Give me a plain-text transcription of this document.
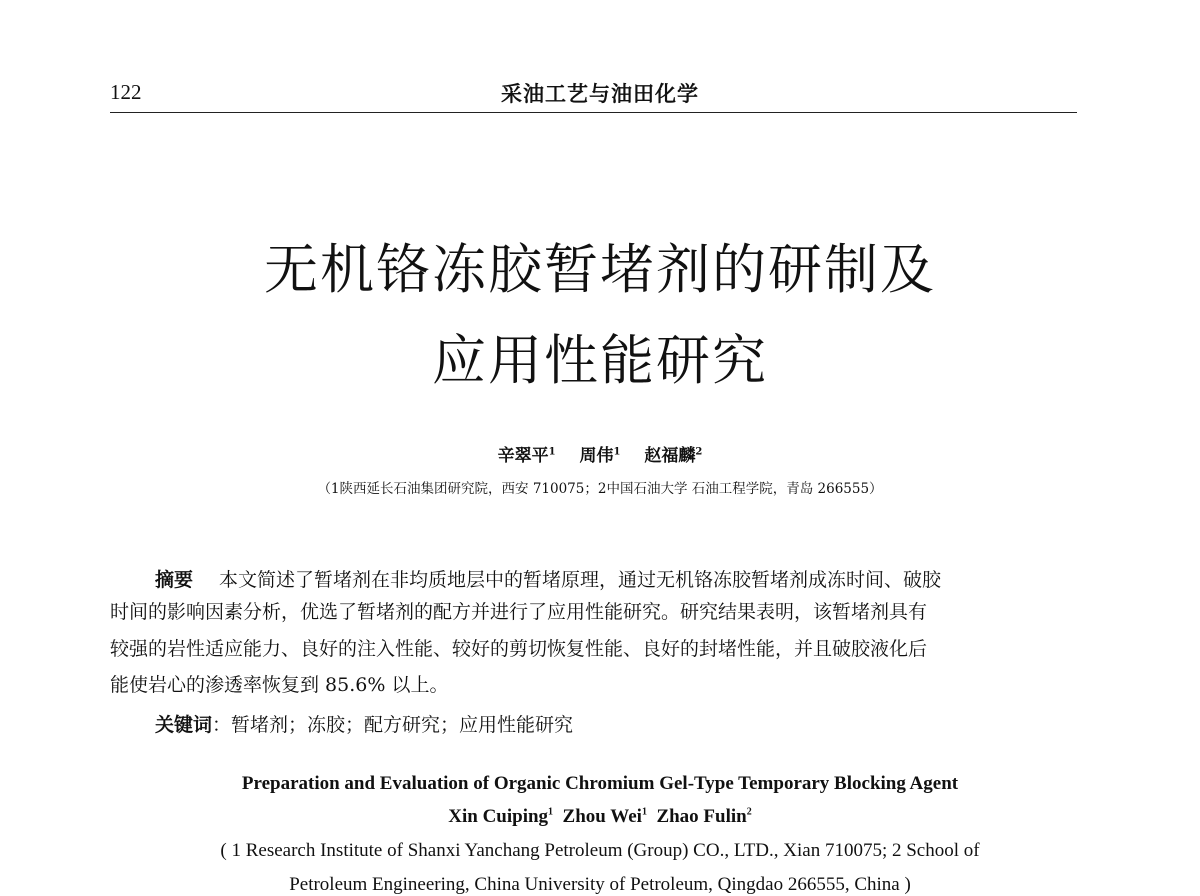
122	采油工艺与油田化学
无机铬冻胶暂堵剂的研制及
应用性能研究
辛翠平$^1$ 周伟$^1$ 赵福麟$^2$
（1陕西延长石油集团研究院，西安 710075；2中国石油大学 石油工程学院，青岛 266555）
摘要 本文简述了暂堵剂在非均质地层中的暂堵原理，通过无机铬冻胶暂堵剂成冻时间、破胶
时间的影响因素分析，优选了暂堵剂的配方并进行了应用性能研究。研究结果表明，该暂堵剂具有
较强的岩性适应能力、良好的注入性能、较好的剪切恢复性能、良好的封堵性能，并且破胶液化后
能使岩心的渗透率恢复到 85.6% 以上。
关键词：暂堵剂；冻胶；配方研究；应用性能研究
Preparation and Evaluation of Organic Chromium Gel-Type Temporary Blocking Agent
Xin Cuiping$^1$ Zhou Wei$^1$ Zhao Fulin$^2$
( 1 Research Institute of Shanxi Yanchang Petroleum (Group) CO., LTD., Xian 710075; 2 School of
Petroleum Engineering, China University of Petroleum, Qingdao 266555, China )
